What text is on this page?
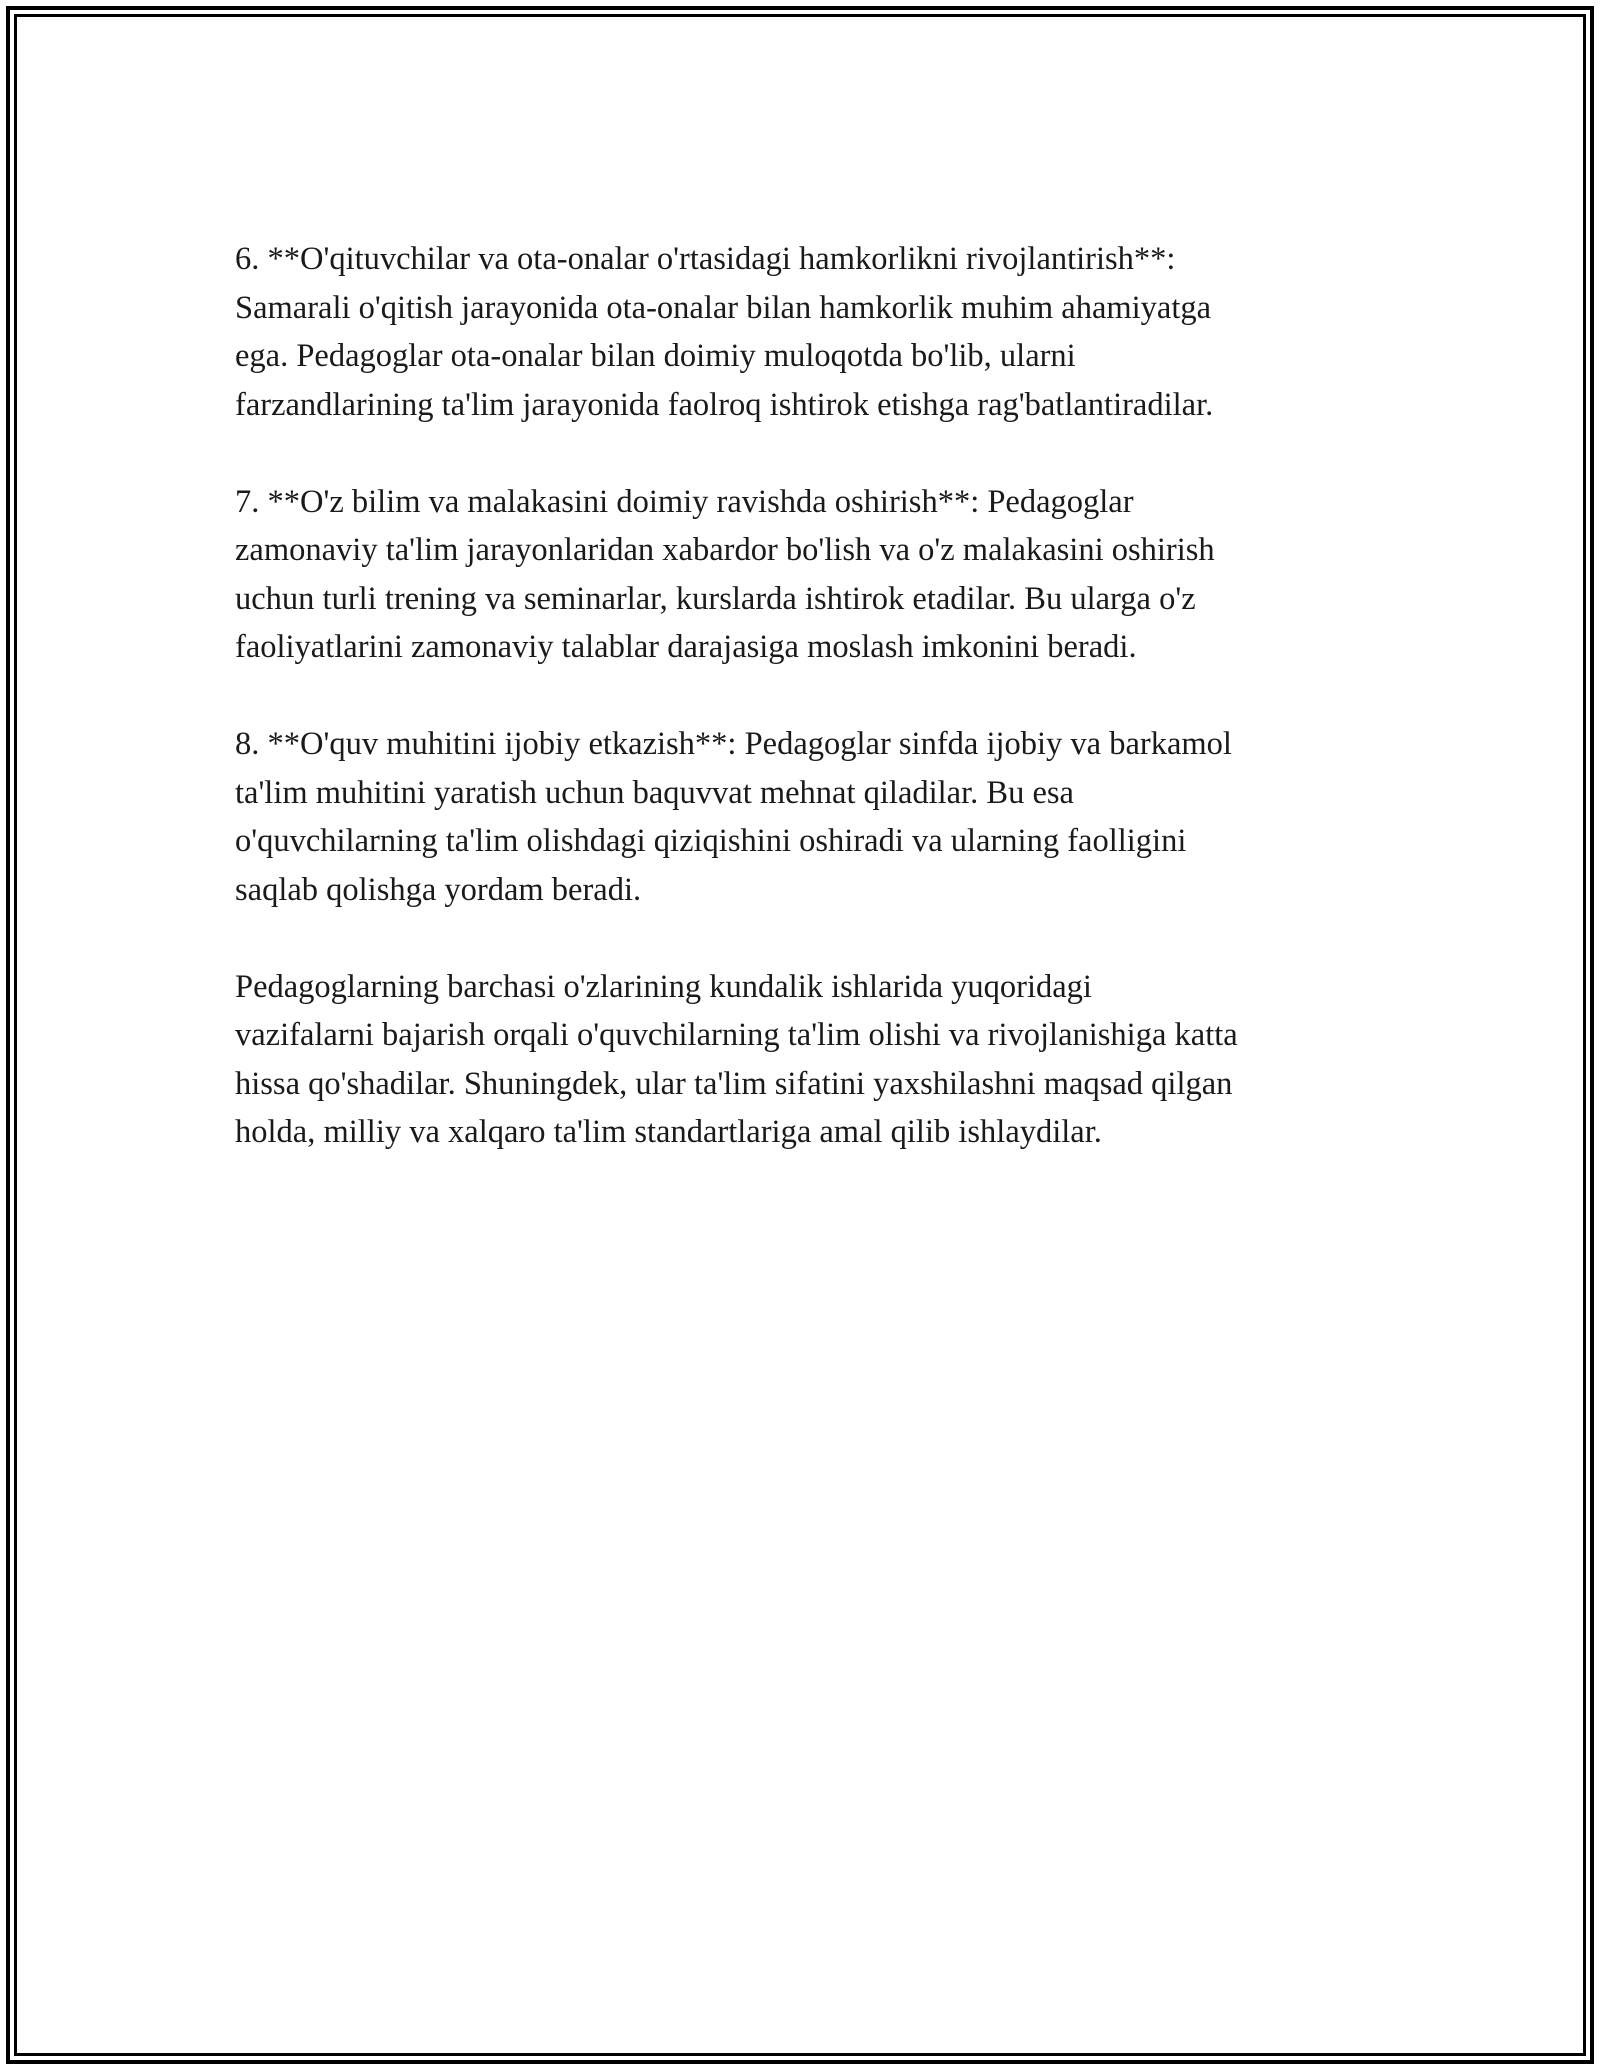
6. **O'qituvchilar va ota-onalar o'rtasidagi hamkorlikni rivojlantirish**:
Samarali o'qitish jarayonida ota-onalar bilan hamkorlik muhim ahamiyatga
ega. Pedagoglar ota-onalar bilan doimiy muloqotda bo'lib, ularni
farzandlarining ta'lim jarayonida faolroq ishtirok etishga rag'batlantiradilar.

7. **O'z bilim va malakasini doimiy ravishda oshirish**: Pedagoglar
zamonaviy ta'lim jarayonlaridan xabardor bo'lish va o'z malakasini oshirish
uchun turli trening va seminarlar, kurslarda ishtirok etadilar. Bu ularga o'z
faoliyatlarini zamonaviy talablar darajasiga moslash imkonini beradi.

8. **O'quv muhitini ijobiy etkazish**: Pedagoglar sinfda ijobiy va barkamol
ta'lim muhitini yaratish uchun baquvvat mehnat qiladilar. Bu esa
o'quvchilarning ta'lim olishdagi qiziqishini oshiradi va ularning faolligini
saqlab qolishga yordam beradi.

Pedagoglarning barchasi o'zlarining kundalik ishlarida yuqoridagi
vazifalarni bajarish orqali o'quvchilarning ta'lim olishi va rivojlanishiga katta
hissa qo'shadilar. Shuningdek, ular ta'lim sifatini yaxshilashni maqsad qilgan
holda, milliy va xalqaro ta'lim standartlariga amal qilib ishlaydilar.
